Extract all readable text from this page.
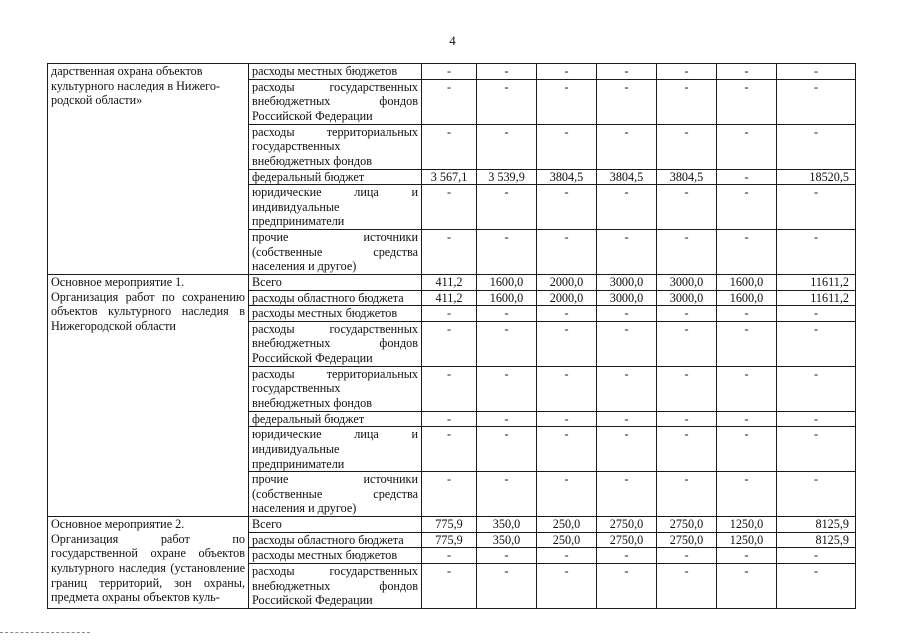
4
дарственная охрана объектов
культурного наследия в Нижего-
родской области»	расходы местных бюджетов	-	-	-	-	-	-	-
	расходы государственных внебюджетных фондов Российской Федерации	-	-	-	-	-	-	-
	расходы территориальных государственных внебюджетных фондов	-	-	-	-	-	-	-
	федеральный бюджет	3 567,1	3 539,9	3804,5	3804,5	3804,5	-	18520,5
	юридические лица и индивидуальные предприниматели	-	-	-	-	-	-	-
	прочие источники (собственные средства населения и другое)	-	-	-	-	-	-	-

Основное мероприятие 1.
Организация работ по сохранению объектов культурного наследия в Нижегородской области	Всего	411,2	1600,0	2000,0	3000,0	3000,0	1600,0	11611,2
	расходы областного бюджета	411,2	1600,0	2000,0	3000,0	3000,0	1600,0	11611,2
	расходы местных бюджетов	-	-	-	-	-	-	-
	расходы государственных внебюджетных фондов Российской Федерации	-	-	-	-	-	-	-
	расходы территориальных государственных внебюджетных фондов	-	-	-	-	-	-	-
	федеральный бюджет	-	-	-	-	-	-	-
	юридические лица и индивидуальные предприниматели	-	-	-	-	-	-	-
	прочие источники (собственные средства населения и другое)	-	-	-	-	-	-	-

Основное мероприятие 2.
Организация работ по государственной охране объектов культурного наследия (установление границ территорий, зон охраны, предмета охраны объектов куль-	Всего	775,9	350,0	250,0	2750,0	2750,0	1250,0	8125,9
	расходы областного бюджета	775,9	350,0	250,0	2750,0	2750,0	1250,0	8125,9
	расходы местных бюджетов	-	-	-	-	-	-	-
	расходы государственных внебюджетных фондов Российской Федерации	-	-	-	-	-	-	-
